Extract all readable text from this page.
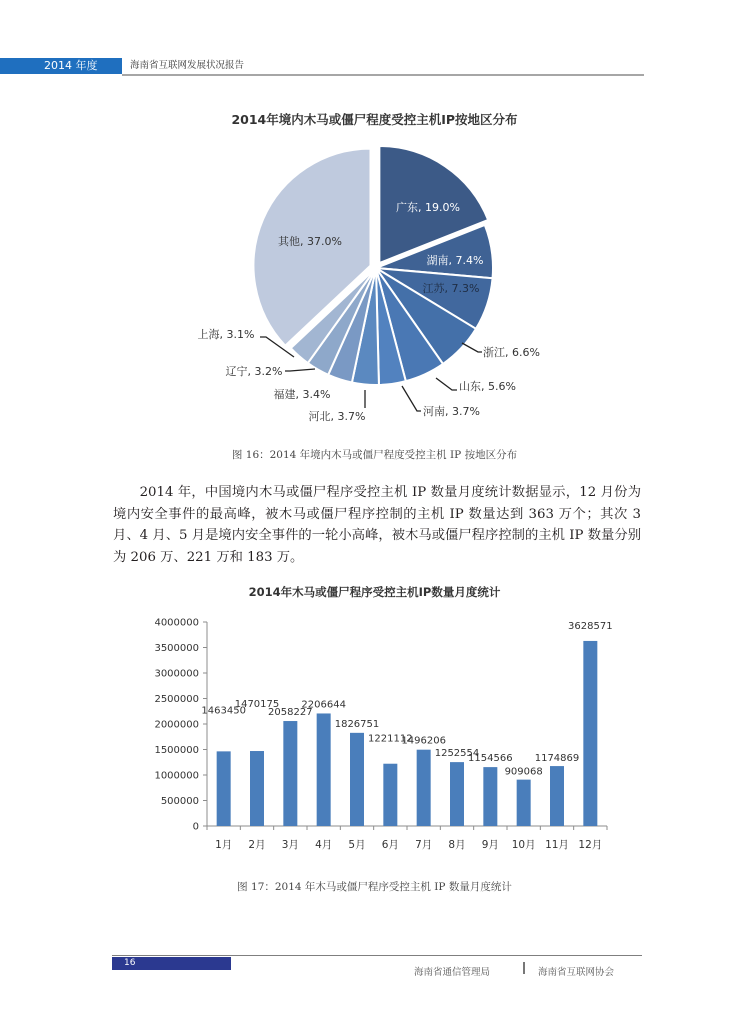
2014 年度	海南省互联网发展状况报告
2014年境内木马或僵尸程度受控主机IP按地区分布
广东, 19.0%
湖南, 7.4%
江苏, 7.3%
浙江, 6.6%
山东, 5.6%
河南, 3.7%
河北, 3.7%
福建, 3.4%
辽宁, 3.2%
上海, 3.1%
其他, 37.0%
图 16：2014 年境内木马或僵尸程度受控主机 IP 按地区分布

2014 年，中国境内木马或僵尸程序受控主机 IP 数量月度统计数据显示，12 月份为境内安全事件的最高峰，被木马或僵尸程序控制的主机 IP 数量达到 363 万个；其次 3 月、4 月、5 月是境内安全事件的一轮小高峰，被木马或僵尸程序控制的主机 IP 数量分别为 206 万、221 万和 183 万。

2014年木马或僵尸程序受控主机IP数量月度统计
0
500000
1000000
1500000
2000000
2500000
3000000
3500000
4000000
1463450
1月
1470175
2月
2058227
3月
2206644
4月
1826751
5月
1221112
6月
1496206
7月
1252554
8月
1154566
9月
909068
10月
1174869
11月
3628571
12月
图 17：2014 年木马或僵尸程序受控主机 IP 数量月度统计
16
海南省通信管理局	海南省互联网协会
